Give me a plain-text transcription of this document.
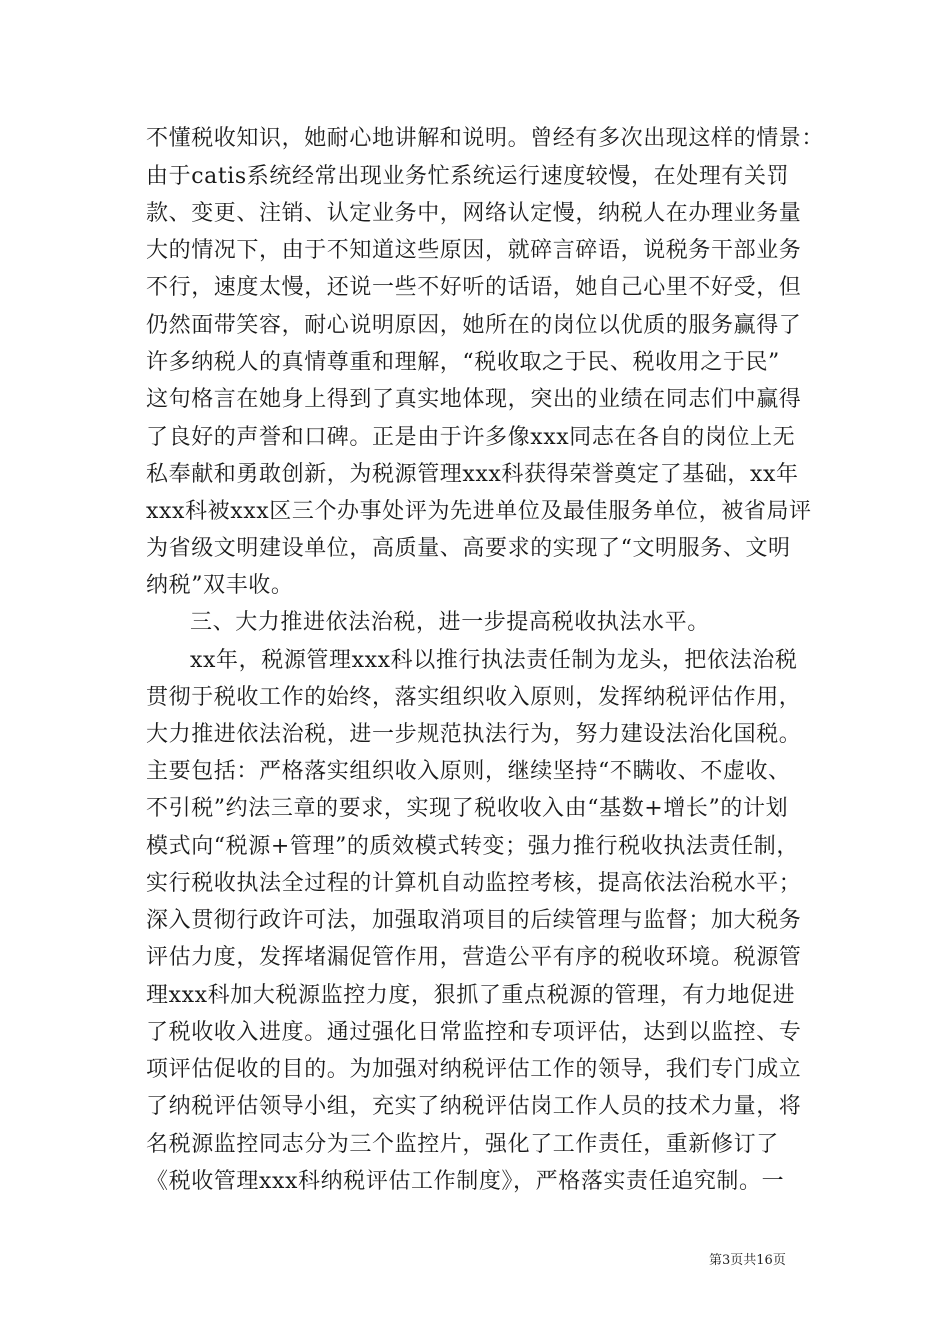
不懂税收知识，她耐心地讲解和说明。曾经有多次出现这样的情景：
由于catis系统经常出现业务忙系统运行速度较慢，在处理有关罚
款、变更、注销、认定业务中，网络认定慢，纳税人在办理业务量
大的情况下，由于不知道这些原因，就碎言碎语，说税务干部业务
不行，速度太慢，还说一些不好听的话语，她自己心里不好受，但
仍然面带笑容，耐心说明原因，她所在的岗位以优质的服务赢得了
许多纳税人的真情尊重和理解，“税收取之于民、税收用之于民”
这句格言在她身上得到了真实地体现，突出的业绩在同志们中赢得
了良好的声誉和口碑。正是由于许多像xxx同志在各自的岗位上无
私奉献和勇敢创新，为税源管理xxx科获得荣誉奠定了基础，xx年
xxx科被xxx区三个办事处评为先进单位及最佳服务单位，被省局评
为省级文明建设单位，高质量、高要求的实现了“文明服务、文明
纳税”双丰收。
三、大力推进依法治税，进一步提高税收执法水平。
xx年，税源管理xxx科以推行执法责任制为龙头，把依法治税
贯彻于税收工作的始终，落实组织收入原则，发挥纳税评估作用，
大力推进依法治税，进一步规范执法行为，努力建设法治化国税。
主要包括：严格落实组织收入原则，继续坚持“不瞒收、不虚收、
不引税”约法三章的要求，实现了税收收入由“基数+增长”的计划
模式向“税源+管理”的质效模式转变；强力推行税收执法责任制，
实行税收执法全过程的计算机自动监控考核，提高依法治税水平；
深入贯彻行政许可法，加强取消项目的后续管理与监督；加大税务
评估力度，发挥堵漏促管作用，营造公平有序的税收环境。税源管
理xxx科加大税源监控力度，狠抓了重点税源的管理，有力地促进
了税收收入进度。通过强化日常监控和专项评估，达到以监控、专
项评估促收的目的。为加强对纳税评估工作的领导，我们专门成立
了纳税评估领导小组，充实了纳税评估岗工作人员的技术力量，将
名税源监控同志分为三个监控片，强化了工作责任，重新修订了
《税收管理xxx科纳税评估工作制度》，严格落实责任追究制。一
第3页共16页
